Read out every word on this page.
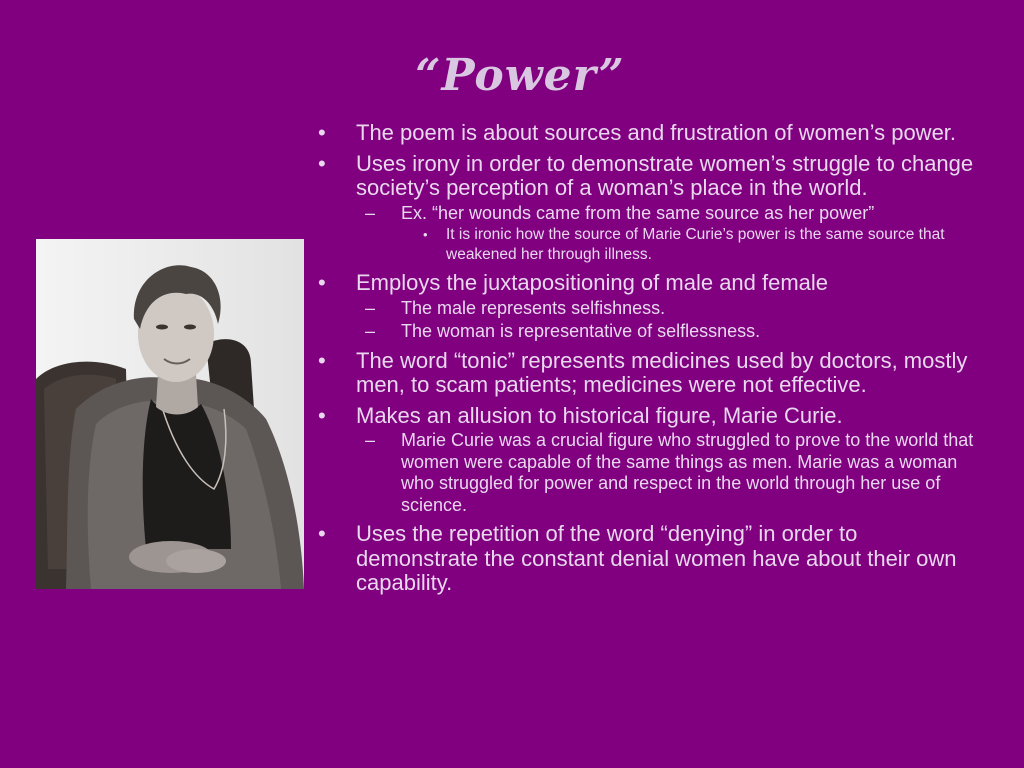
“Power”
• The poem is about sources and frustration of women’s power.
• Uses irony in order to demonstrate women’s struggle to change society’s perception of a woman’s place in the world.
– Ex. “her wounds came from the same source as her power”
• It is ironic how the source of Marie Curie’s power is the same source that weakened her through illness.
• Employs the juxtapositioning of male and female
– The male represents selfishness.
– The woman is representative of selflessness.
• The word “tonic” represents medicines used by doctors, mostly men, to scam patients; medicines were not effective.
• Makes an allusion to historical figure, Marie Curie.
– Marie Curie was a crucial figure who struggled to prove to the world that women were capable of the same things as men. Marie was a woman who struggled for power and respect in the world through her use of science.
• Uses the repetition of the word “denying” in order to demonstrate the constant denial women have about their own capability.
